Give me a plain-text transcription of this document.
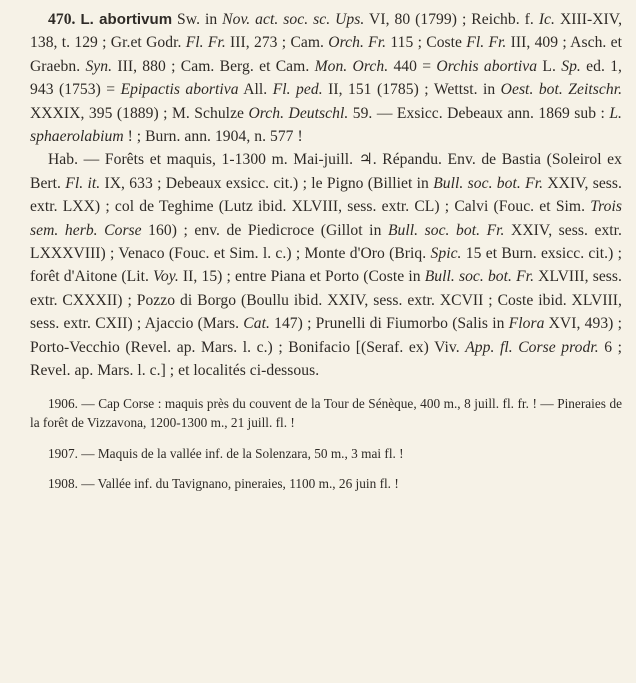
470. L. abortivum Sw. in Nov. act. soc. sc. Ups. VI, 80 (1799) ; Reichb. f. Ic. XIII-XIV, 138, t. 129 ; Gr.et Godr. Fl. Fr. III, 273 ; Cam. Orch. Fr. 115 ; Coste Fl. Fr. III, 409 ; Asch. et Graebn. Syn. III, 880 ; Cam. Berg. et Cam. Mon. Orch. 440 = Orchis abortiva L. Sp. ed. 1, 943 (1753) = Epipactis abortiva All. Fl. ped. II, 151 (1785) ; Wettst. in Oest. bot. Zeitschr. XXXIX, 395 (1889) ; M. Schulze Orch. Deutschl. 59. — Exsicc. Debeaux ann. 1869 sub : L. sphaerolabium ! ; Burn. ann. 1904, n. 577 !

Hab. — Forêts et maquis, 1-1300 m. Mai-juill. ♃. Répandu. Env. de Bastia (Soleirol ex Bert. Fl. it. IX, 633 ; Debeaux exsicc. cit.) ; le Pigno (Billiet in Bull. soc. bot. Fr. XXIV, sess. extr. LXX) ; col de Teghime (Lutz ibid. XLVIII, sess. extr. CL) ; Calvi (Fouc. et Sim. Trois sem. herb. Corse 160) ; env. de Piedicroce (Gillot in Bull. soc. bot. Fr. XXIV, sess. extr. LXXXVIII) ; Venaco (Fouc. et Sim. l. c.) ; Monte d'Oro (Briq. Spic. 15 et Burn. exsicc. cit.) ; forêt d'Aitone (Lit. Voy. II, 15) ; entre Piana et Porto (Coste in Bull. soc. bot. Fr. XLVIII, sess. extr. CXXXII) ; Pozzo di Borgo (Boullu ibid. XXIV, sess. extr. XCVII ; Coste ibid. XLVIII, sess. extr. CXII) ; Ajaccio (Mars. Cat. 147) ; Prunelli di Fiumorbo (Salis in Flora XVI, 493) ; Porto-Vecchio (Revel. ap. Mars. l. c.) ; Bonifacio [(Seraf. ex) Viv. App. fl. Corse prodr. 6 ; Revel. ap. Mars. l. c.] ; et localités ci-dessous.

1906. — Cap Corse : maquis près du couvent de la Tour de Sénèque, 400 m., 8 juill. fl. fr. ! — Pineraies de la forêt de Vizzavona, 1200-1300 m., 21 juill. fl. !

1907. — Maquis de la vallée inf. de la Solenzara, 50 m., 3 mai fl. !

1908. — Vallée inf. du Tavignano, pineraies, 1100 m., 26 juin fl. !
